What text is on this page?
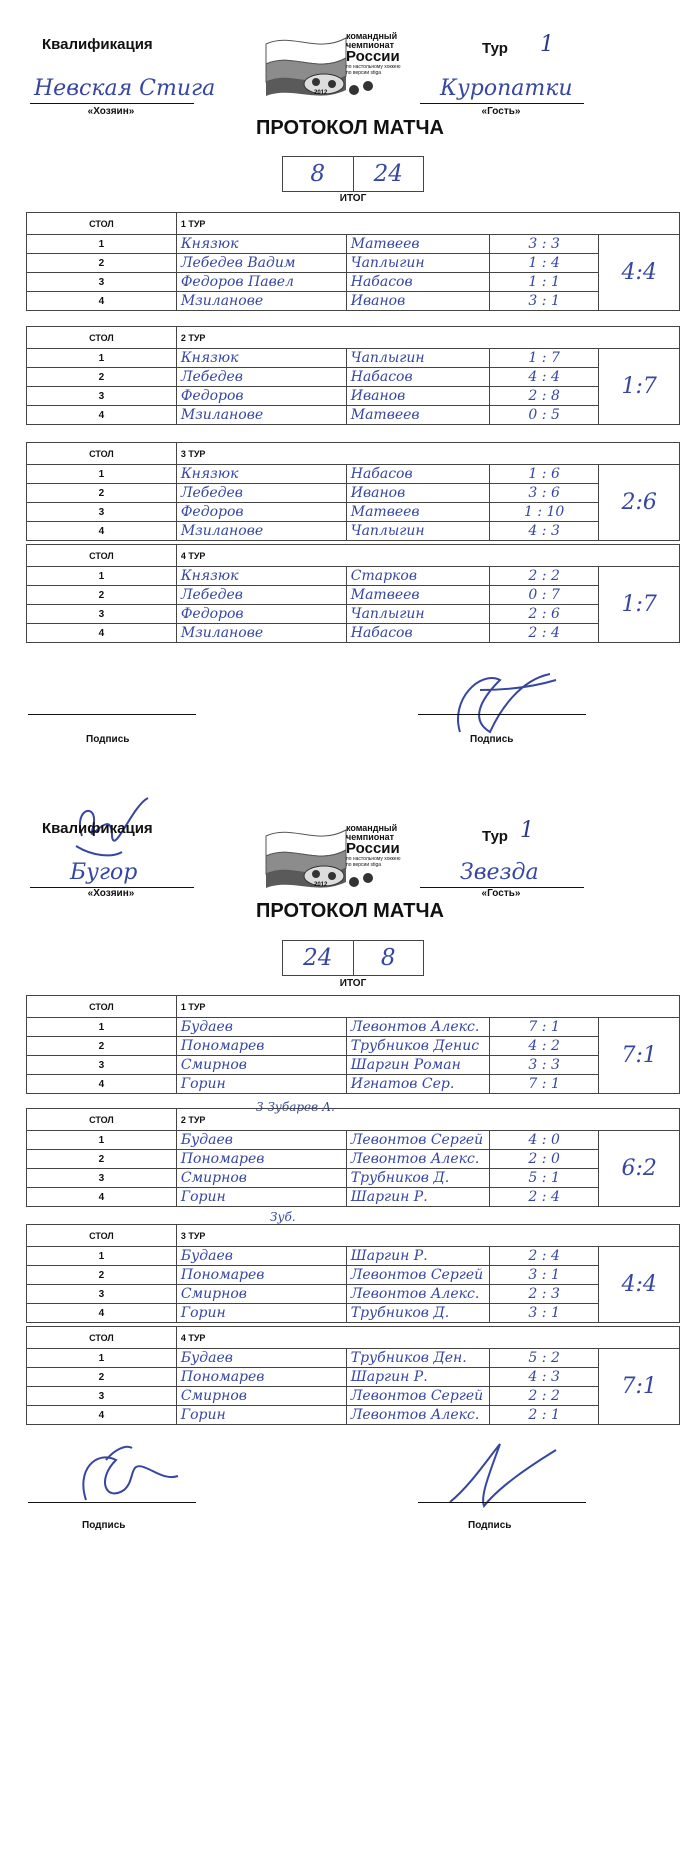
Квалификация	командный
чемпионат
России
по настольному хоккею
по версии stiga
2012
Тур 1
Невская Стига
«Хозяин»
Куропатки
«Гость»
ПРОТОКОЛ МАТЧА
8	24
ИТОГ
СТОЛ	1 ТУР			
1	Князюк	Матвеев	3 : 3	4:4
2	Лебедев Вадим	Чаплыгин	1 : 4	
3	Федоров Павел	Набасов	1 : 1	
4	Мзиланове	Иванов	3 : 1	
СТОЛ	2 ТУР			
1	Князюк	Чаплыгин	1 : 7	1:7
2	Лебедев	Набасов	4 : 4	
3	Федоров	Иванов	2 : 8	
4	Мзиланове	Матвеев	0 : 5	
СТОЛ	3 ТУР			
1	Князюк	Набасов	1 : 6	2:6
2	Лебедев	Иванов	3 : 6	
3	Федоров	Матвеев	1 : 10	
4	Мзиланове	Чаплыгин	4 : 3	
СТОЛ	4 ТУР			
1	Князюк	Старков	2 : 2	1:7
2	Лебедев	Матвеев	0 : 7	
3	Федоров	Чаплыгин	2 : 6	
4	Мзиланове	Набасов	2 : 4	
Подпись	Подпись
Квалификация	командный
чемпионат
России
по настольному хоккею
по версии stiga
2012
Тур 1
Бугор
«Хозяин»
Звезда
«Гость»
ПРОТОКОЛ МАТЧА
24	8
ИТОГ
СТОЛ	1 ТУР			
1	Будаев	Левонтов Алекс.	7 : 1	7:1
2	Пономарев	Трубников Денис	4 : 2	
3	Смирнов	Шаргин Роман	3 : 3	
4	Горин	Игнатов Сер.	7 : 1	
3 Зубарев А.
СТОЛ	2 ТУР			
1	Будаев	Левонтов Сергей	4 : 0	6:2
2	Пономарев	Левонтов Алекс.	2 : 0	
3	Смирнов	Трубников Д.	5 : 1	
4	Горин	Шаргин Р.	2 : 4	
Зуб.
СТОЛ	3 ТУР			
1	Будаев	Шаргин Р.	2 : 4	4:4
2	Пономарев	Левонтов Сергей	3 : 1	
3	Смирнов	Левонтов Алекс.	2 : 3	
4	Горин	Трубников Д.	3 : 1	
СТОЛ	4 ТУР			
1	Будаев	Трубников Ден.	5 : 2	7:1
2	Пономарев	Шаргин Р.	4 : 3	
3	Смирнов	Левонтов Сергей	2 : 2	
4	Горин	Левонтов Алекс.	2 : 1	
Подпись	Подпись
